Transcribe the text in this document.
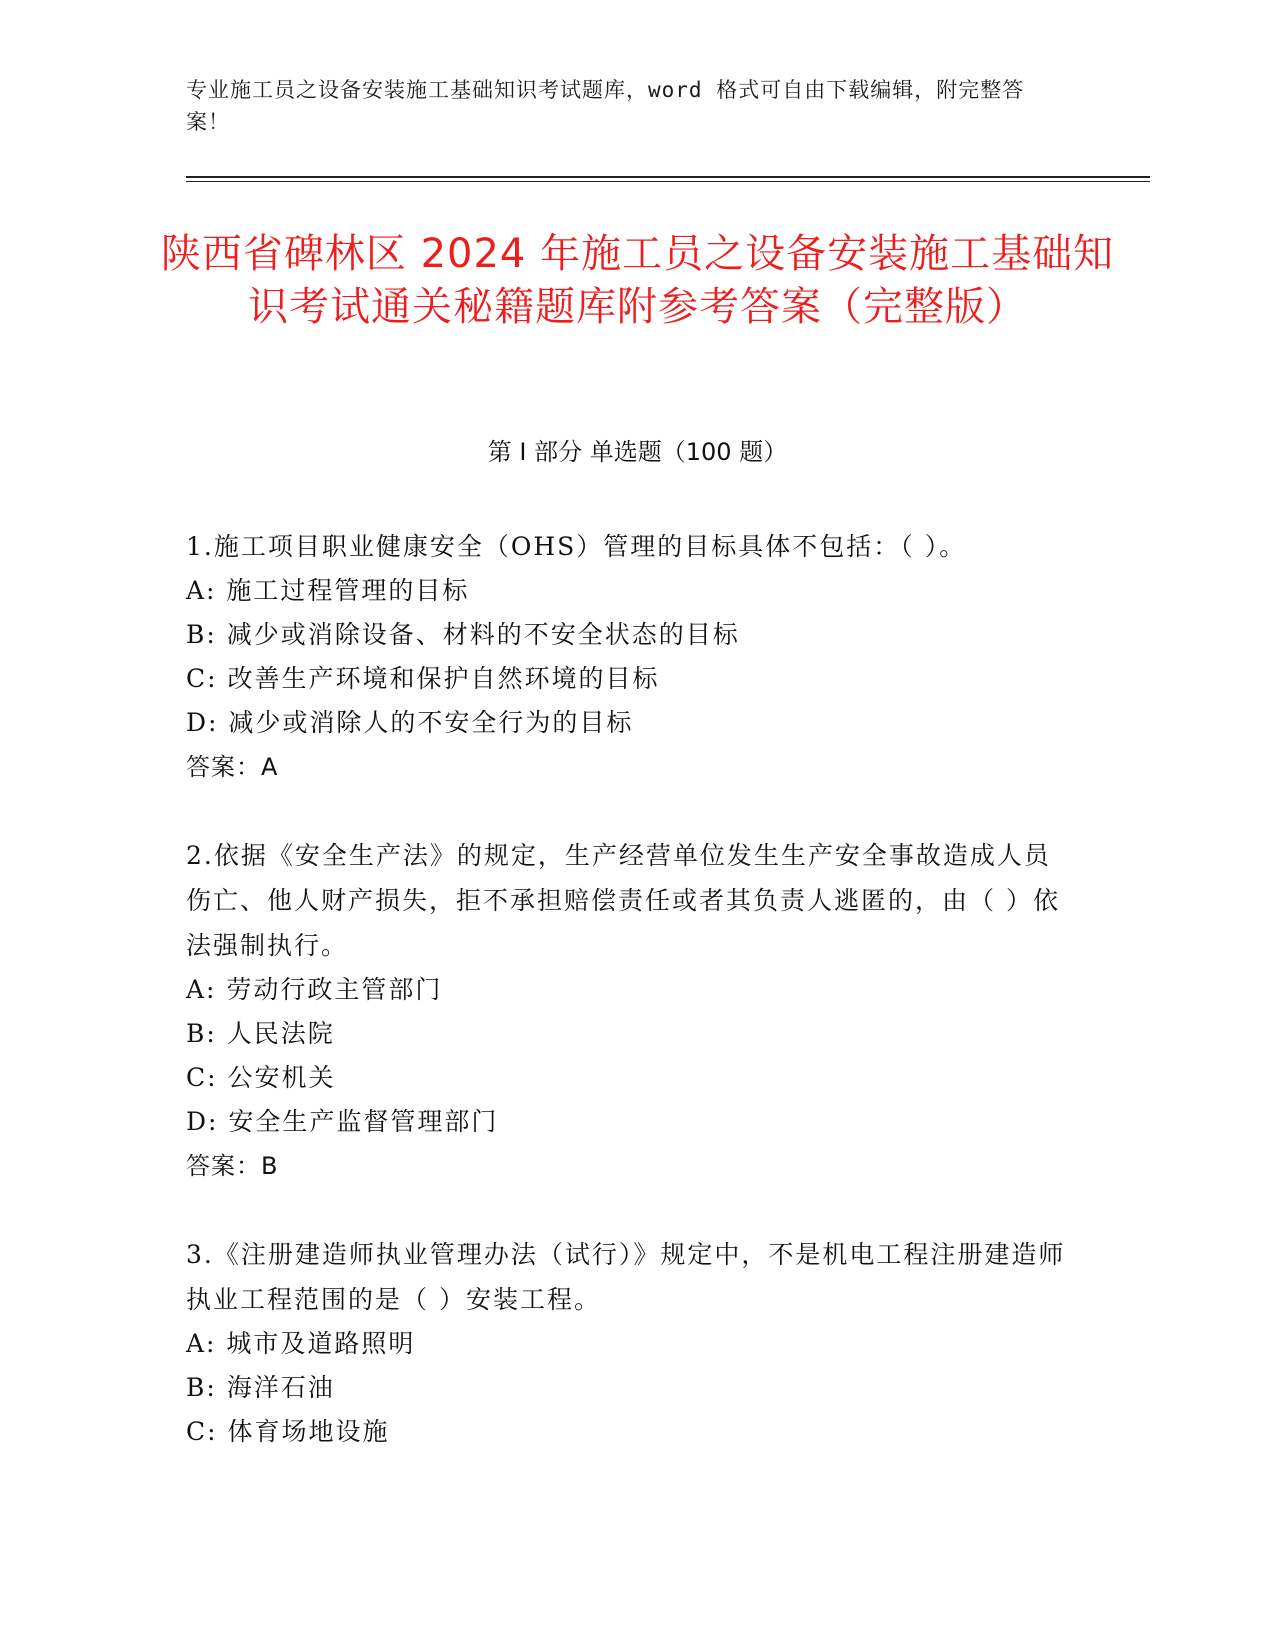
专业施工员之设备安装施工基础知识考试题库，word 格式可自由下载编辑，附完整答案！
陕西省碑林区 2024 年施工员之设备安装施工基础知识考试通关秘籍题库附参考答案（完整版）
第 I 部分 单选题（100 题）
1.施工项目职业健康安全（OHS）管理的目标具体不包括：（ ）。
A: 施工过程管理的目标
B: 减少或消除设备、材料的不安全状态的目标
C: 改善生产环境和保护自然环境的目标
D: 减少或消除人的不安全行为的目标
答案：A
2.依据《安全生产法》的规定，生产经营单位发生生产安全事故造成人员伤亡、他人财产损失，拒不承担赔偿责任或者其负责人逃匿的，由（ ）依法强制执行。
A: 劳动行政主管部门
B: 人民法院
C: 公安机关
D: 安全生产监督管理部门
答案：B
3.《注册建造师执业管理办法（试行）》规定中，不是机电工程注册建造师执业工程范围的是（ ）安装工程。
A: 城市及道路照明
B: 海洋石油
C: 体育场地设施
